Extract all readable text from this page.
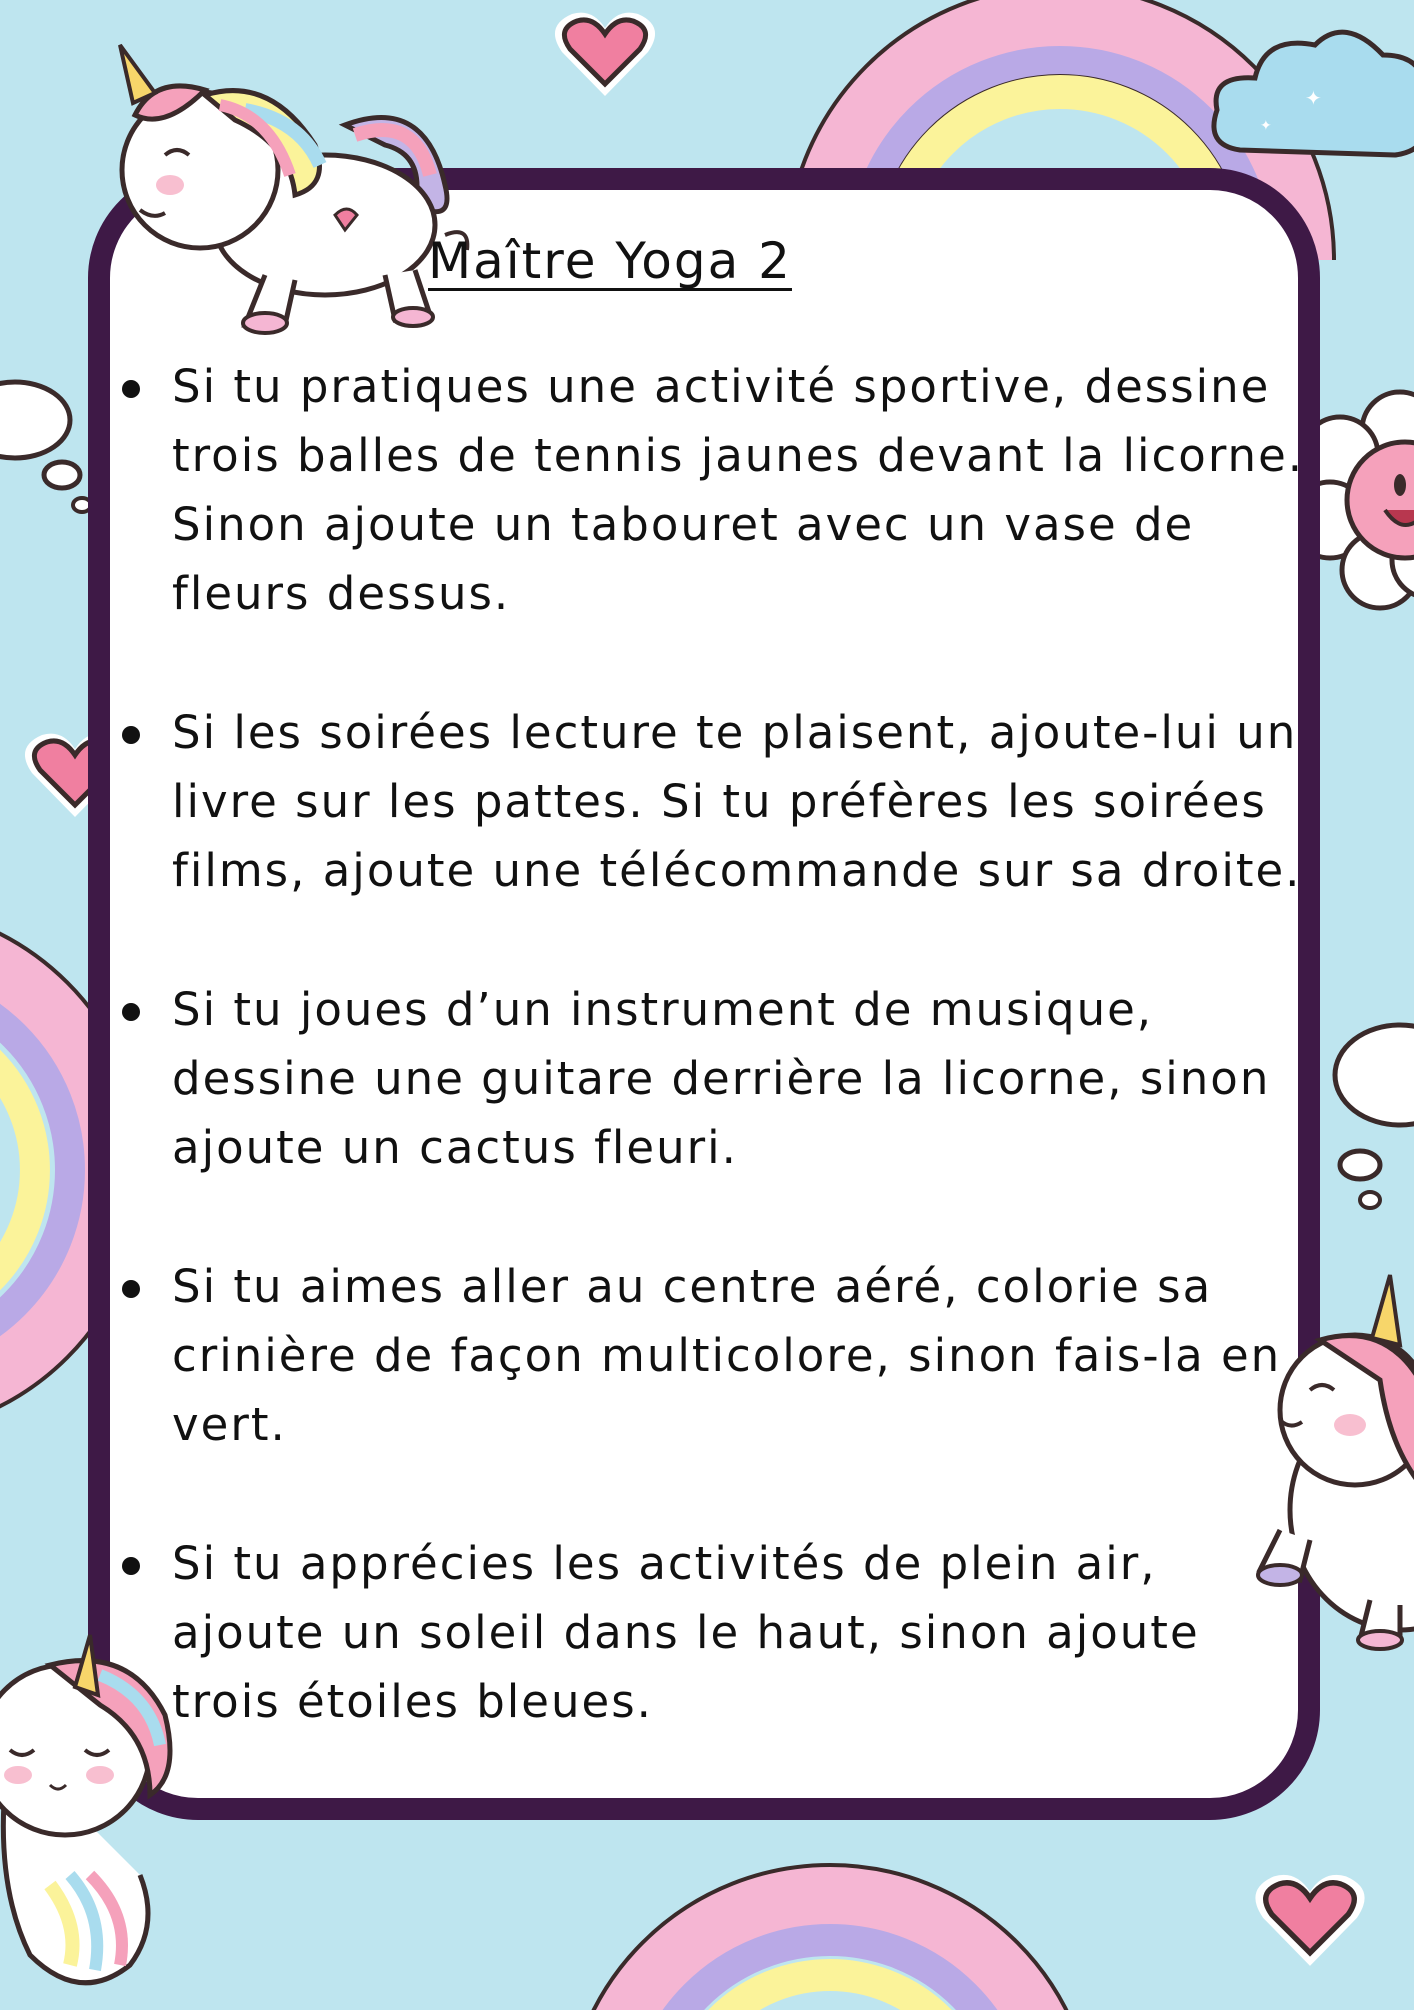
✦
✦
Maître Yoga 2
Si tu pratiques une activité sportive, dessine trois balles de tennis jaunes devant la licorne. Sinon ajoute un tabouret avec un vase de fleurs dessus.
Si les soirées lecture te plaisent, ajoute-lui un livre sur les pattes. Si tu préfères les soirées films, ajoute une télécommande sur sa droite.
Si tu joues d’un instrument de musique, dessine une guitare derrière la licorne, sinon ajoute un cactus fleuri.
Si tu aimes aller au centre aéré, colorie sa crinière de façon multicolore, sinon fais-la en vert.
Si tu apprécies les activités de plein air, ajoute un soleil dans le haut, sinon ajoute trois étoiles bleues.
